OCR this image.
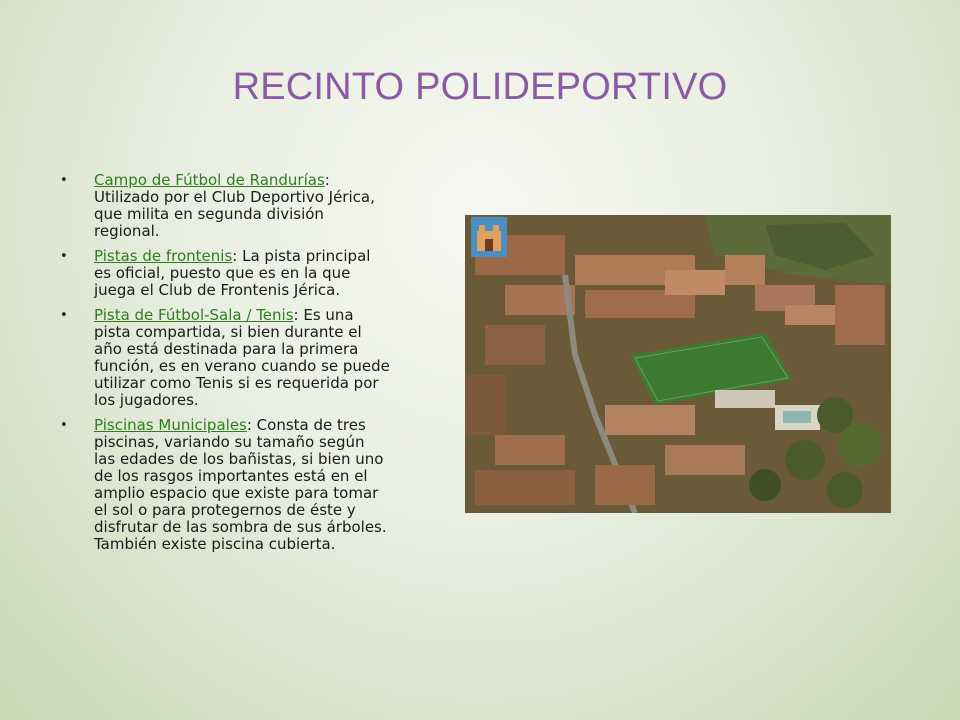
RECINTO POLIDEPORTIVO
• Campo de Fútbol de Randurías: Utilizado por el Club Deportivo Jérica, que milita en segunda división regional.
• Pistas de frontenis: La pista principal es oficial, puesto que es en la que juega el Club de Frontenis Jérica.
• Pista de Fútbol-Sala / Tenis: Es una pista compartida, si bien durante el año está destinada para la primera función, es en verano cuando se puede utilizar como Tenis si es requerida por los jugadores.
• Piscinas Municipales: Consta de tres piscinas, variando su tamaño según las edades de los bañistas, si bien uno de los rasgos importantes está en el amplio espacio que existe para tomar el sol o para protegernos de éste y disfrutar de las sombra de sus árboles. También existe piscina cubierta.
